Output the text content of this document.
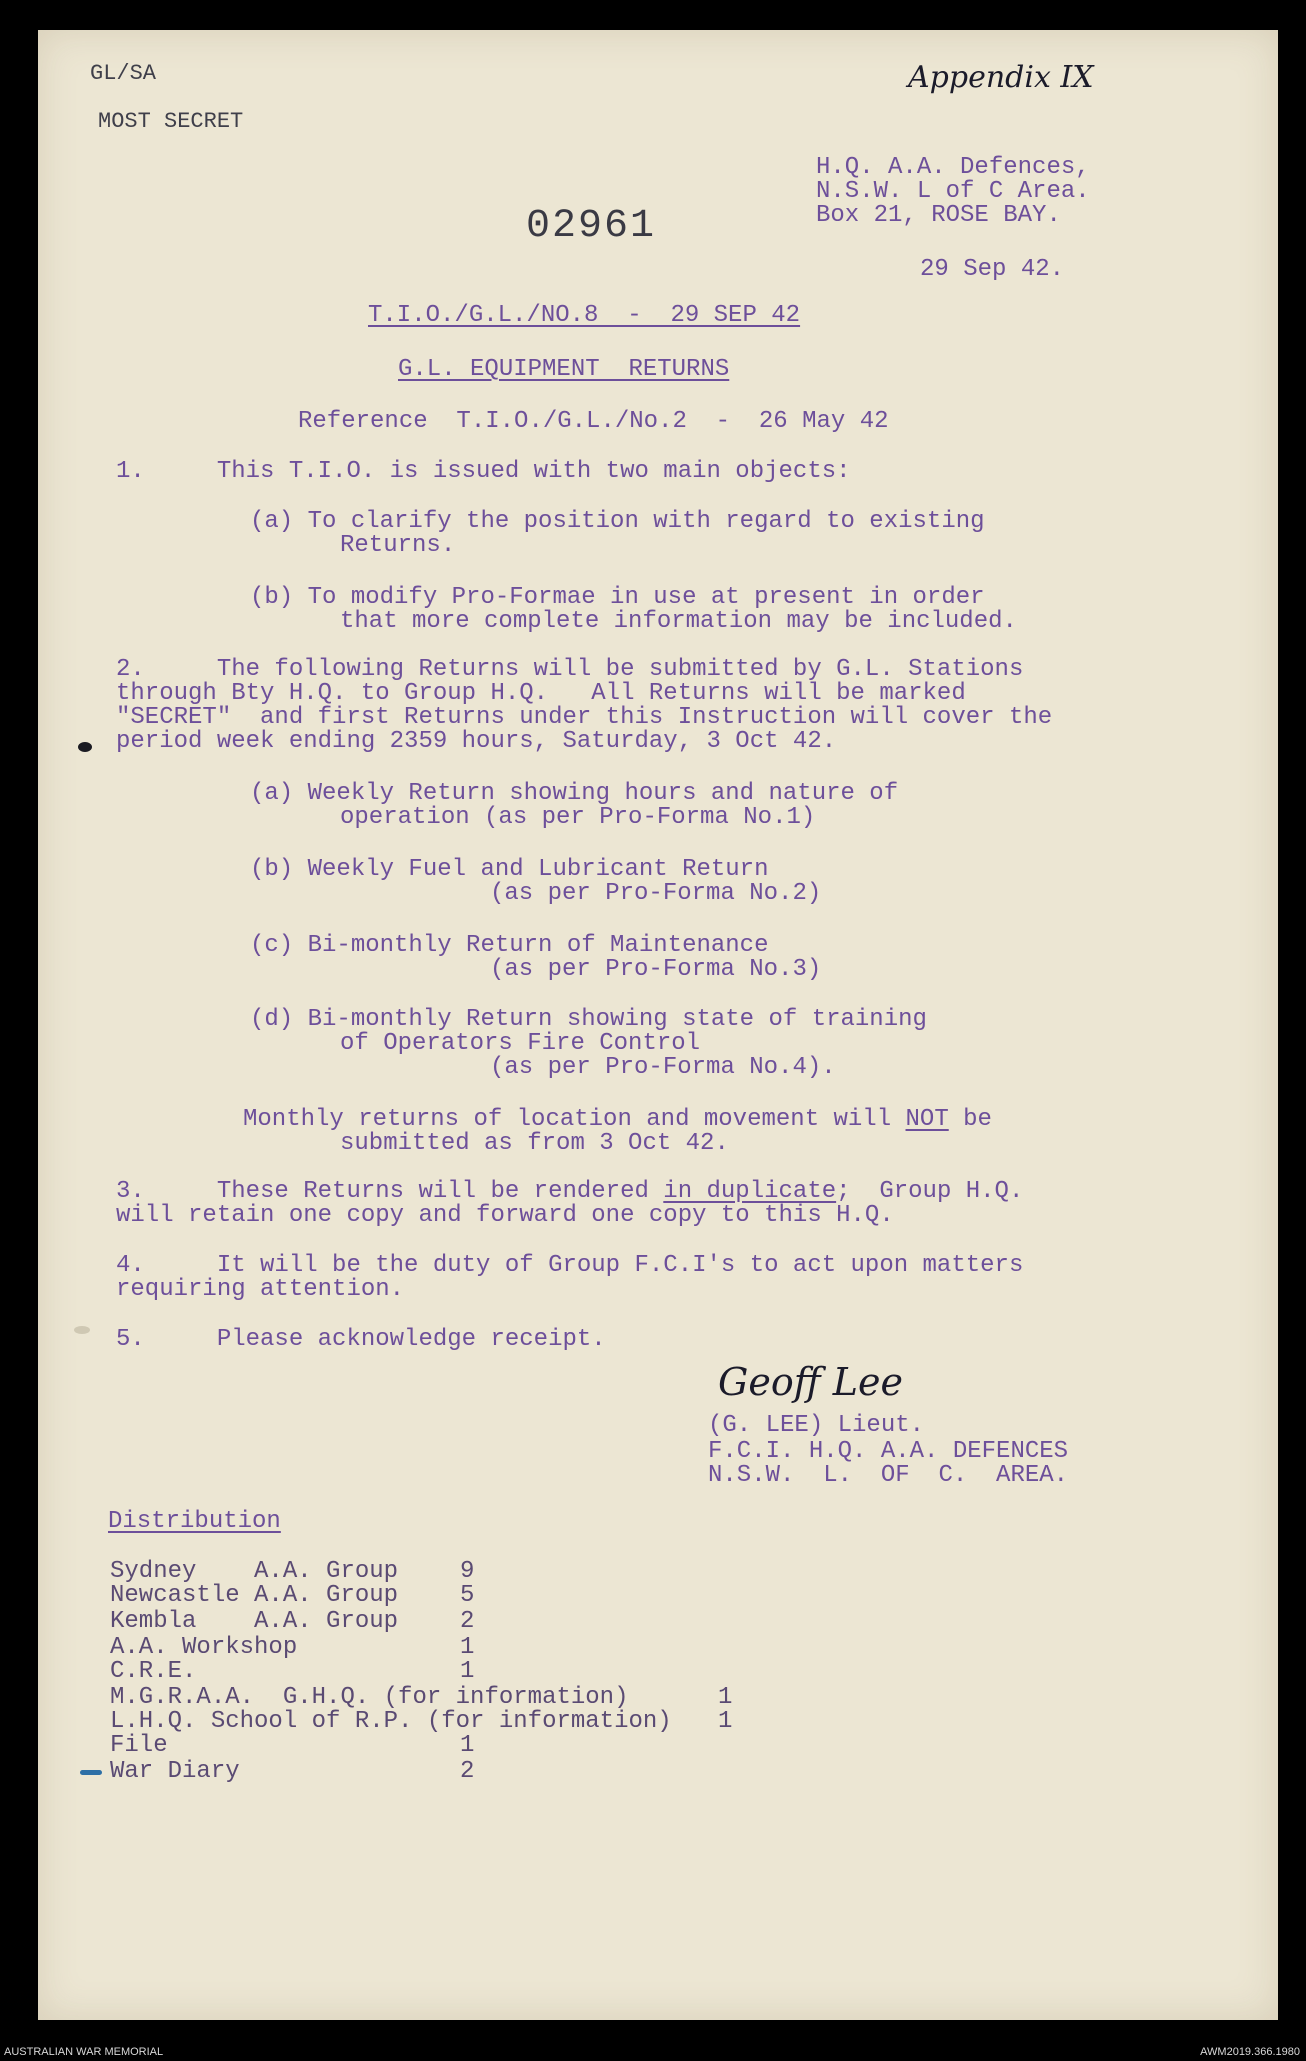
GL/SA
MOST SECRET
Appendix IX
H.Q. A.A. Defences,
N.S.W. L of C Area.
Box 21, ROSE BAY.
29 Sep 42.
02961
T.I.O./G.L./NO.8  -  29 SEP 42
G.L. EQUIPMENT  RETURNS
Reference  T.I.O./G.L./No.2  -  26 May 42
1.     This T.I.O. is issued with two main objects:
(a) To clarify the position with regard to existing
Returns.
(b) To modify Pro-Formae in use at present in order
that more complete information may be included.
2.     The following Returns will be submitted by G.L. Stations
through Bty H.Q. to Group H.Q.   All Returns will be marked
"SECRET"  and first Returns under this Instruction will cover the
period week ending 2359 hours, Saturday, 3 Oct 42.
(a) Weekly Return showing hours and nature of
operation (as per Pro-Forma No.1)
(b) Weekly Fuel and Lubricant Return
(as per Pro-Forma No.2)
(c) Bi-monthly Return of Maintenance
(as per Pro-Forma No.3)
(d) Bi-monthly Return showing state of training
of Operators Fire Control
(as per Pro-Forma No.4).
Monthly returns of location and movement will NOT be
submitted as from 3 Oct 42.
3.     These Returns will be rendered in duplicate;  Group H.Q.
will retain one copy and forward one copy to this H.Q.
4.     It will be the duty of Group F.C.I's to act upon matters
requiring attention.
5.     Please acknowledge receipt.
Geoff Lee
(G. LEE) Lieut.
F.C.I. H.Q. A.A. DEFENCES
N.S.W.  L.  OF  C.  AREA.
Distribution
Sydney    A.A. Group	9
Newcastle A.A. Group	5
Kembla    A.A. Group	2
A.A. Workshop	1
C.R.E.	1
M.G.R.A.A.  G.H.Q. (for information)	1
L.H.Q. School of R.P. (for information) 1
File	1
War Diary	2
AUSTRALIAN WAR MEMORIAL	AWM2019.366.1980
